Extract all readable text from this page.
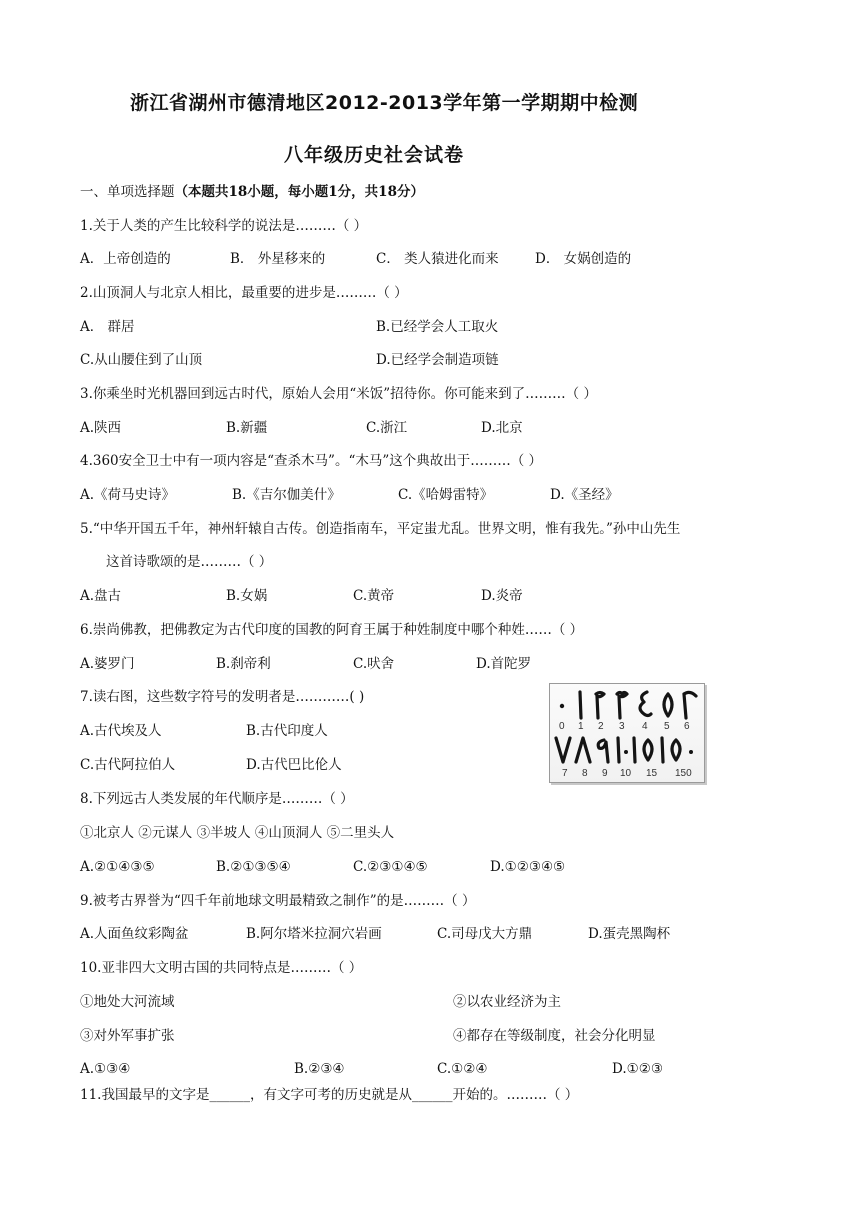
浙江省湖州市德清地区2012-2013学年第一学期期中检测
八年级历史社会试卷
一、单项选择题（本题共18小题，每小题1分，共18分）
1.关于人类的产生比较科学的说法是………（ ）
A．上帝创造的	B． 外星移来的	C． 类人猿进化而来	D． 女娲创造的
2.山顶洞人与北京人相比，最重要的进步是………（ ）
A． 群居	B.已经学会人工取火
C.从山腰住到了山顶	D.已经学会制造项链
3.你乘坐时光机器回到远古时代，原始人会用“米饭”招待你。你可能来到了………（ ）
A.陕西	B.新疆	C.浙江	D.北京
4.360安全卫士中有一项内容是“查杀木马”。“木马”这个典故出于………（ ）
A.《荷马史诗》	B.《吉尔伽美什》	C.《哈姆雷特》	D.《圣经》
5.“中华开国五千年，神州轩辕自古传。创造指南车，平定蚩尤乱。世界文明，惟有我先。”孙中山先生
这首诗歌颂的是………（ ）
A.盘古	B.女娲	C.黄帝	D.炎帝
6.崇尚佛教，把佛教定为古代印度的国教的阿育王属于种姓制度中哪个种姓……（ ）
A.婆罗门	B.刹帝利	C.吠舍	D.首陀罗
7.读右图，这些数字符号的发明者是…………( )
A.古代埃及人	B.古代印度人
C.古代阿拉伯人	D.古代巴比伦人
0 1 2 3 4 5 6
7 8 9 10 15 150
8.下列远古人类发展的年代顺序是………（ ）
①北京人 ②元谋人 ③半坡人 ④山顶洞人 ⑤二里头人
A.②①④③⑤	B.②①③⑤④	C.②③①④⑤	D.①②③④⑤
9.被考古界誉为“四千年前地球文明最精致之制作”的是………（ ）
A.人面鱼纹彩陶盆	B.阿尔塔米拉洞穴岩画	C.司母戊大方鼎	D.蛋壳黑陶杯
10.亚非四大文明古国的共同特点是………（ ）
①地处大河流域	②以农业经济为主
③对外军事扩张	④都存在等级制度，社会分化明显
A.①③④	B.②③④	C.①②④	D.①②③
11.我国最早的文字是______，有文字可考的历史就是从______开始的。………（ ）
